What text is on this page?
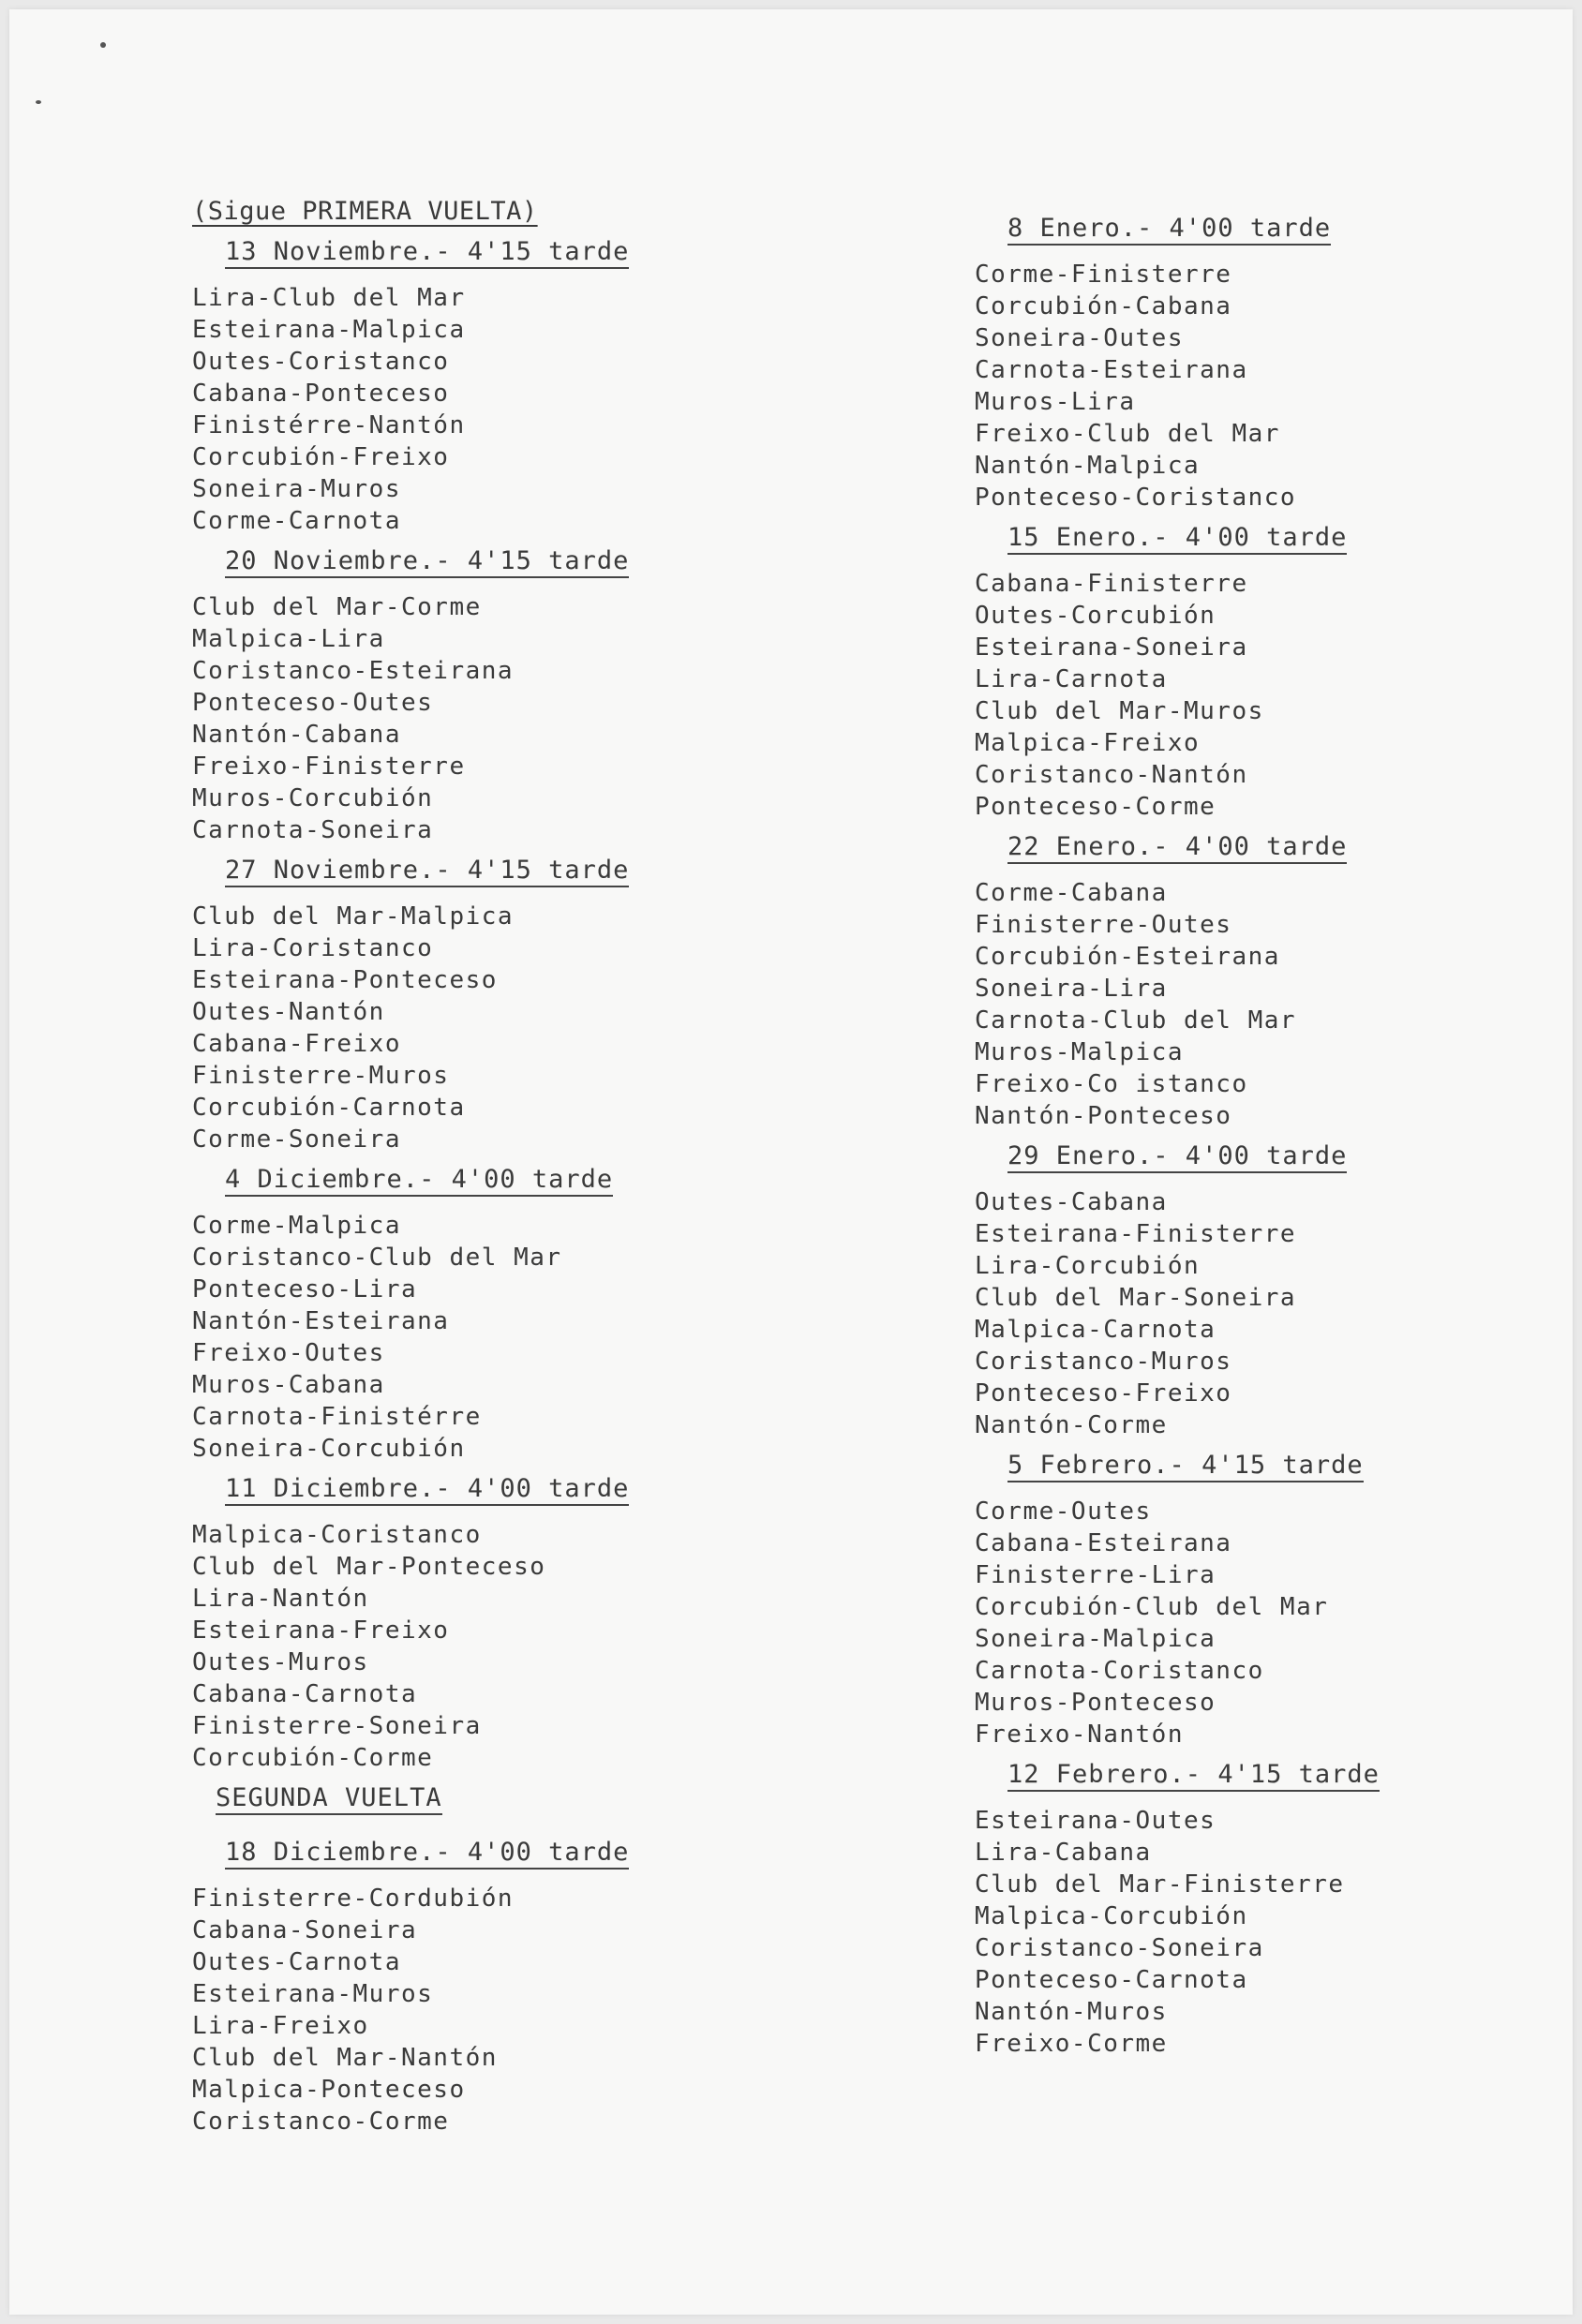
(Sigue PRIMERA VUELTA)
13 Noviembre.- 4'15 tarde
Lira-Club del Mar
Esteirana-Malpica
Outes-Coristanco
Cabana-Ponteceso
Finistérre-Nantón
Corcubión-Freixo
Soneira-Muros
Corme-Carnota
20 Noviembre.- 4'15 tarde
Club del Mar-Corme
Malpica-Lira
Coristanco-Esteirana
Ponteceso-Outes
Nantón-Cabana
Freixo-Finisterre
Muros-Corcubión
Carnota-Soneira
27 Noviembre.- 4'15 tarde
Club del Mar-Malpica
Lira-Coristanco
Esteirana-Ponteceso
Outes-Nantón
Cabana-Freixo
Finisterre-Muros
Corcubión-Carnota
Corme-Soneira
4 Diciembre.- 4'00 tarde
Corme-Malpica
Coristanco-Club del Mar
Ponteceso-Lira
Nantón-Esteirana
Freixo-Outes
Muros-Cabana
Carnota-Finistérre
Soneira-Corcubión
11 Diciembre.- 4'00 tarde
Malpica-Coristanco
Club del Mar-Ponteceso
Lira-Nantón
Esteirana-Freixo
Outes-Muros
Cabana-Carnota
Finisterre-Soneira
Corcubión-Corme
SEGUNDA VUELTA
18 Diciembre.- 4'00 tarde
Finisterre-Cordubión
Cabana-Soneira
Outes-Carnota
Esteirana-Muros
Lira-Freixo
Club del Mar-Nantón
Malpica-Ponteceso
Coristanco-Corme
8 Enero.- 4'00 tarde
Corme-Finisterre
Corcubión-Cabana
Soneira-Outes
Carnota-Esteirana
Muros-Lira
Freixo-Club del Mar
Nantón-Malpica
Ponteceso-Coristanco
15 Enero.- 4'00 tarde
Cabana-Finisterre
Outes-Corcubión
Esteirana-Soneira
Lira-Carnota
Club del Mar-Muros
Malpica-Freixo
Coristanco-Nantón
Ponteceso-Corme
22 Enero.- 4'00 tarde
Corme-Cabana
Finisterre-Outes
Corcubión-Esteirana
Soneira-Lira
Carnota-Club del Mar
Muros-Malpica
Freixo-Co istanco
Nantón-Ponteceso
29 Enero.- 4'00 tarde
Outes-Cabana
Esteirana-Finisterre
Lira-Corcubión
Club del Mar-Soneira
Malpica-Carnota
Coristanco-Muros
Ponteceso-Freixo
Nantón-Corme
5 Febrero.- 4'15 tarde
Corme-Outes
Cabana-Esteirana
Finisterre-Lira
Corcubión-Club del Mar
Soneira-Malpica
Carnota-Coristanco
Muros-Ponteceso
Freixo-Nantón
12 Febrero.- 4'15 tarde
Esteirana-Outes
Lira-Cabana
Club del Mar-Finisterre
Malpica-Corcubión
Coristanco-Soneira
Ponteceso-Carnota
Nantón-Muros
Freixo-Corme
